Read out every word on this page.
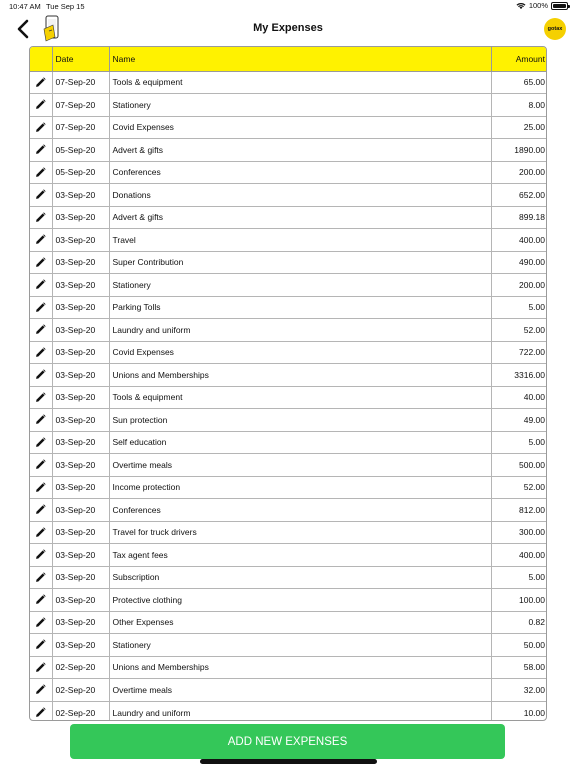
10:47 AM Tue Sep 15	100%
My Expenses	gotax
	Date	Name	Amount
	07-Sep-20	Tools & equipment	65.00
	07-Sep-20	Stationery	8.00
	07-Sep-20	Covid Expenses	25.00
	05-Sep-20	Advert & gifts	1890.00
	05-Sep-20	Conferences	200.00
	03-Sep-20	Donations	652.00
	03-Sep-20	Advert & gifts	899.18
	03-Sep-20	Travel	400.00
	03-Sep-20	Super Contribution	490.00
	03-Sep-20	Stationery	200.00
	03-Sep-20	Parking Tolls	5.00
	03-Sep-20	Laundry and uniform	52.00
	03-Sep-20	Covid Expenses	722.00
	03-Sep-20	Unions and Memberships	3316.00
	03-Sep-20	Tools & equipment	40.00
	03-Sep-20	Sun protection	49.00
	03-Sep-20	Self education	5.00
	03-Sep-20	Overtime meals	500.00
	03-Sep-20	Income protection	52.00
	03-Sep-20	Conferences	812.00
	03-Sep-20	Travel for truck drivers	300.00
	03-Sep-20	Tax agent fees	400.00
	03-Sep-20	Subscription	5.00
	03-Sep-20	Protective clothing	100.00
	03-Sep-20	Other Expenses	0.82
	03-Sep-20	Stationery	50.00
	02-Sep-20	Unions and Memberships	58.00
	02-Sep-20	Overtime meals	32.00
	02-Sep-20	Laundry and uniform	10.00
ADD NEW EXPENSES
